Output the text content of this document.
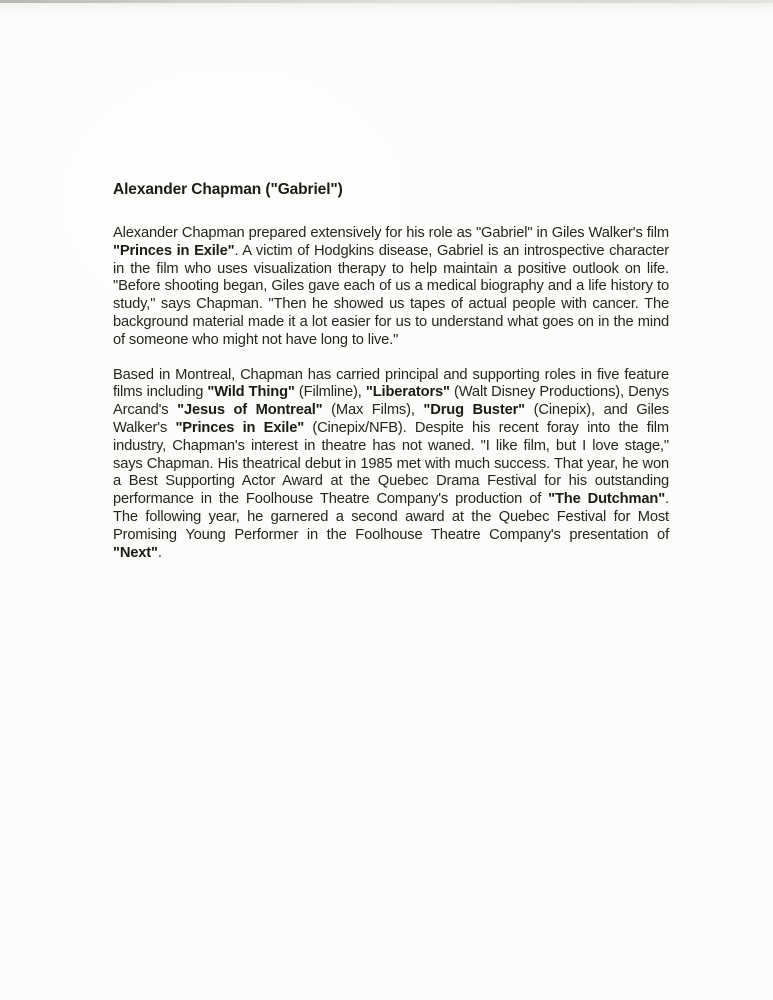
Alexander Chapman ("Gabriel")

Alexander Chapman prepared extensively for his role as "Gabriel" in Giles Walker's film "Princes in Exile". A victim of Hodgkins disease, Gabriel is an introspective character in the film who uses visualization therapy to help maintain a positive outlook on life. "Before shooting began, Giles gave each of us a medical biography and a life history to study," says Chapman. "Then he showed us tapes of actual people with cancer. The background material made it a lot easier for us to understand what goes on in the mind of someone who might not have long to live."

Based in Montreal, Chapman has carried principal and supporting roles in five feature films including "Wild Thing" (Filmline), "Liberators" (Walt Disney Productions), Denys Arcand's "Jesus of Montreal" (Max Films), "Drug Buster" (Cinepix), and Giles Walker's "Princes in Exile" (Cinepix/NFB). Despite his recent foray into the film industry, Chapman's interest in theatre has not waned. "I like film, but I love stage," says Chapman. His theatrical debut in 1985 met with much success. That year, he won a Best Supporting Actor Award at the Quebec Drama Festival for his outstanding performance in the Foolhouse Theatre Company's production of "The Dutchman". The following year, he garnered a second award at the Quebec Festival for Most Promising Young Performer in the Foolhouse Theatre Company's presentation of "Next".
